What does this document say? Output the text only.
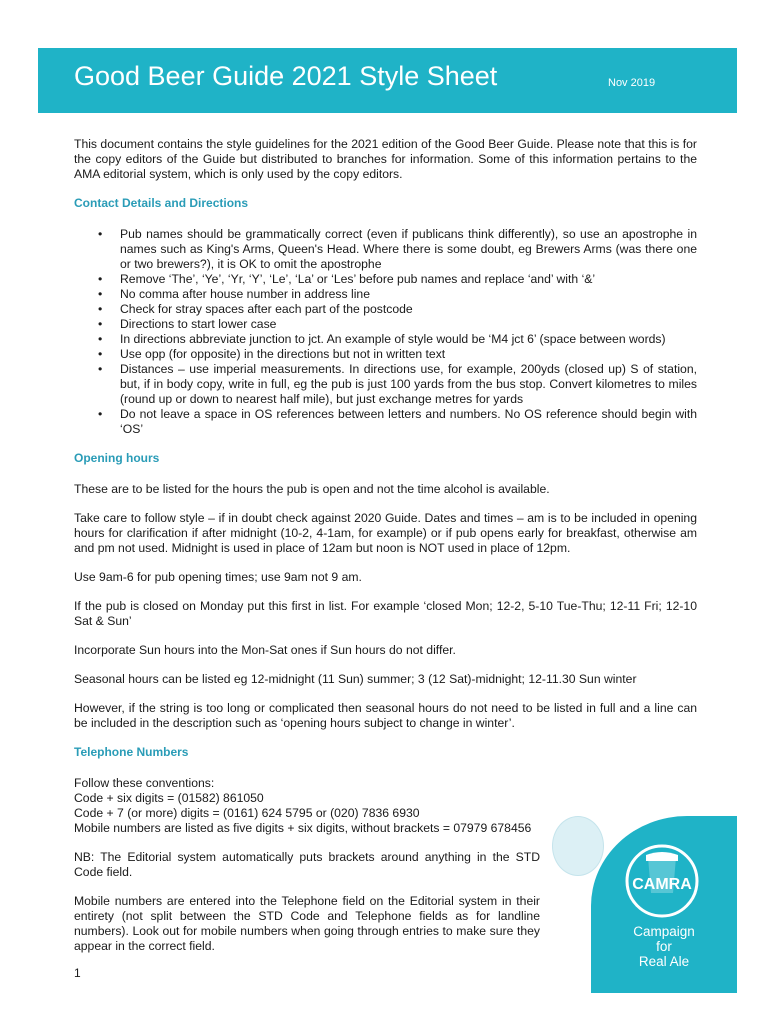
Good Beer Guide 2021 Style Sheet	Nov 2019

This document contains the style guidelines for the 2021 edition of the Good Beer Guide. Please note that this is for the copy editors of the Guide but distributed to branches for information. Some of this information pertains to the AMA editorial system, which is only used by the copy editors.

Contact Details and Directions
• Pub names should be grammatically correct (even if publicans think differently), so use an apostrophe in names such as King's Arms, Queen's Head. Where there is some doubt, eg Brewers Arms (was there one or two brewers?), it is OK to omit the apostrophe
• Remove ‘The’, ‘Ye’, ‘Yr, ‘Y’, ‘Le’, ‘La’ or ‘Les’ before pub names and replace ‘and’ with ‘&’
• No comma after house number in address line
• Check for stray spaces after each part of the postcode
• Directions to start lower case
• In directions abbreviate junction to jct. An example of style would be ‘M4 jct 6’ (space between words)
• Use opp (for opposite) in the directions but not in written text
• Distances – use imperial measurements. In directions use, for example, 200yds (closed up) S of station, but, if in body copy, write in full, eg the pub is just 100 yards from the bus stop. Convert kilometres to miles (round up or down to nearest half mile), but just exchange metres for yards
• Do not leave a space in OS references between letters and numbers. No OS reference should begin with ‘OS’
Opening hours

These are to be listed for the hours the pub is open and not the time alcohol is available.

Take care to follow style – if in doubt check against 2020 Guide. Dates and times – am is to be included in opening hours for clarification if after midnight (10-2, 4-1am, for example) or if pub opens early for breakfast, otherwise am and pm not used. Midnight is used in place of 12am but noon is NOT used in place of 12pm.

Use 9am-6 for pub opening times; use 9am not 9 am.

If the pub is closed on Monday put this first in list. For example ‘closed Mon; 12-2, 5-10 Tue-Thu; 12-11 Fri; 12-10 Sat & Sun’

Incorporate Sun hours into the Mon-Sat ones if Sun hours do not differ.

Seasonal hours can be listed eg 12-midnight (11 Sun) summer; 3 (12 Sat)-midnight; 12-11.30 Sun winter

However, if the string is too long or complicated then seasonal hours do not need to be listed in full and a line can be included in the description such as ‘opening hours subject to change in winter’.

Telephone Numbers

Follow these conventions:

Code + six digits = (01582) 861050

Code + 7 (or more) digits = (0161) 624 5795 or (020) 7836 6930

Mobile numbers are listed as five digits + six digits, without brackets = 07979 678456

NB: The Editorial system automatically puts brackets around anything in the STD Code field.

Mobile numbers are entered into the Telephone field on the Editorial system in their entirety (not split between the STD Code and Telephone fields as for landline numbers). Look out for mobile numbers when going through entries to make sure they appear in the correct field.

1
CAMRA
Campaign
for
Real Ale
